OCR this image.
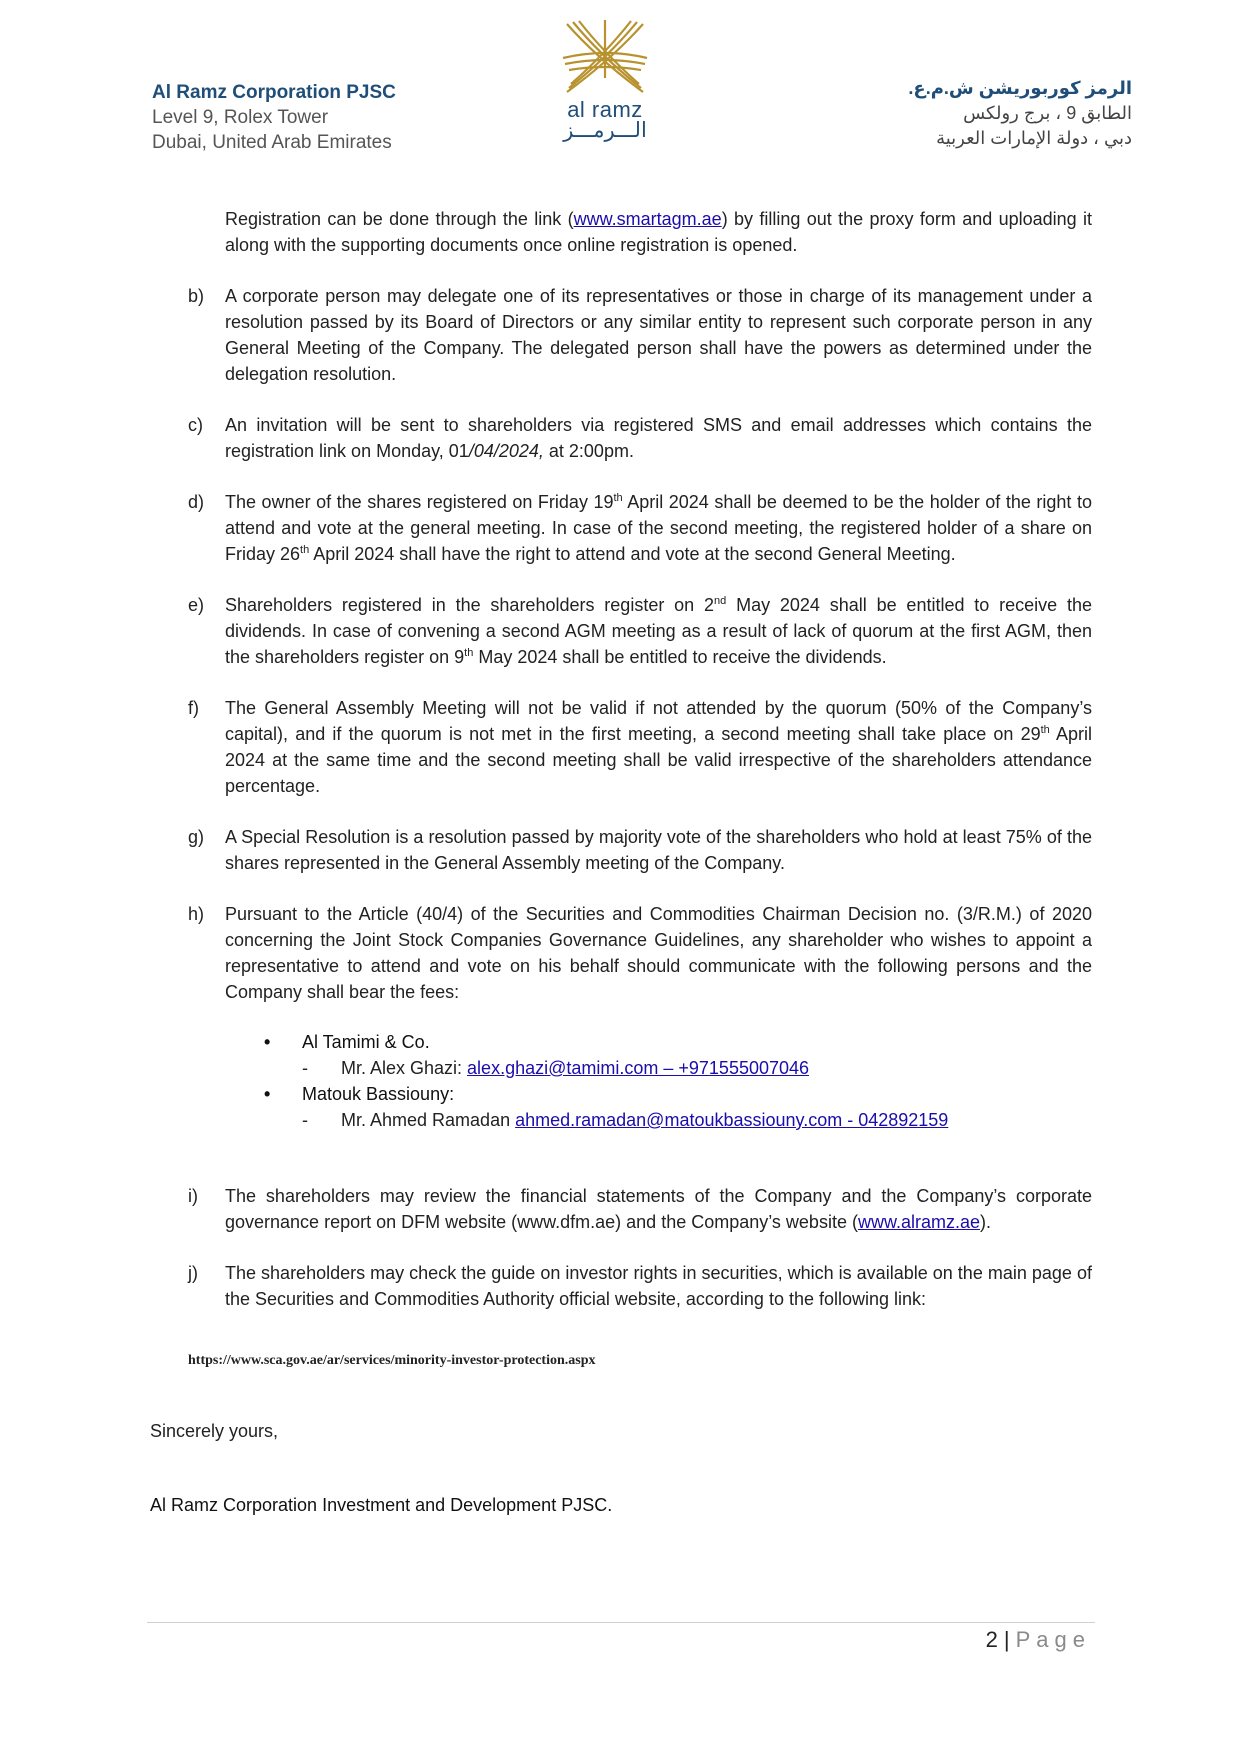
Al Ramz Corporation PJSC
Level 9, Rolex Tower
Dubai, United Arab Emirates
al ramz
الـــرمـــز
الرمز كوربوريشن ش.م.ع.
الطابق 9 ، برج رولكس
دبي ، دولة الإمارات العربية
Registration can be done through the link (www.smartagm.ae) by filling out the proxy form and uploading it along with the supporting documents once online registration is opened.
b) A corporate person may delegate one of its representatives or those in charge of its management under a resolution passed by its Board of Directors or any similar entity to represent such corporate person in any General Meeting of the Company. The delegated person shall have the powers as determined under the delegation resolution.
c) An invitation will be sent to shareholders via registered SMS and email addresses which contains the registration link on Monday, 01/04/2024, at 2:00pm.
d) The owner of the shares registered on Friday 19th April 2024 shall be deemed to be the holder of the right to attend and vote at the general meeting. In case of the second meeting, the registered holder of a share on Friday 26th April 2024 shall have the right to attend and vote at the second General Meeting.
e) Shareholders registered in the shareholders register on 2nd May 2024 shall be entitled to receive the dividends. In case of convening a second AGM meeting as a result of lack of quorum at the first AGM, then the shareholders register on 9th May 2024 shall be entitled to receive the dividends.
f) The General Assembly Meeting will not be valid if not attended by the quorum (50% of the Company’s capital), and if the quorum is not met in the first meeting, a second meeting shall take place on 29th April 2024 at the same time and the second meeting shall be valid irrespective of the shareholders attendance percentage.
g) A Special Resolution is a resolution passed by majority vote of the shareholders who hold at least 75% of the shares represented in the General Assembly meeting of the Company.
h) Pursuant to the Article (40/4) of the Securities and Commodities Chairman Decision no. (3/R.M.) of 2020 concerning the Joint Stock Companies Governance Guidelines, any shareholder who wishes to appoint a representative to attend and vote on his behalf should communicate with the following persons and the Company shall bear the fees:
• Al Tamimi & Co.
- Mr. Alex Ghazi: alex.ghazi@tamimi.com – +971555007046
• Matouk Bassiouny:
- Mr. Ahmed Ramadan ahmed.ramadan@matoukbassiouny.com - 042892159
i) The shareholders may review the financial statements of the Company and the Company’s corporate governance report on DFM website (www.dfm.ae) and the Company’s website (www.alramz.ae).
j) The shareholders may check the guide on investor rights in securities, which is available on the main page of the Securities and Commodities Authority official website, according to the following link:
https://www.sca.gov.ae/ar/services/minority-investor-protection.aspx
Sincerely yours,
Al Ramz Corporation Investment and Development PJSC.
2 | Page
